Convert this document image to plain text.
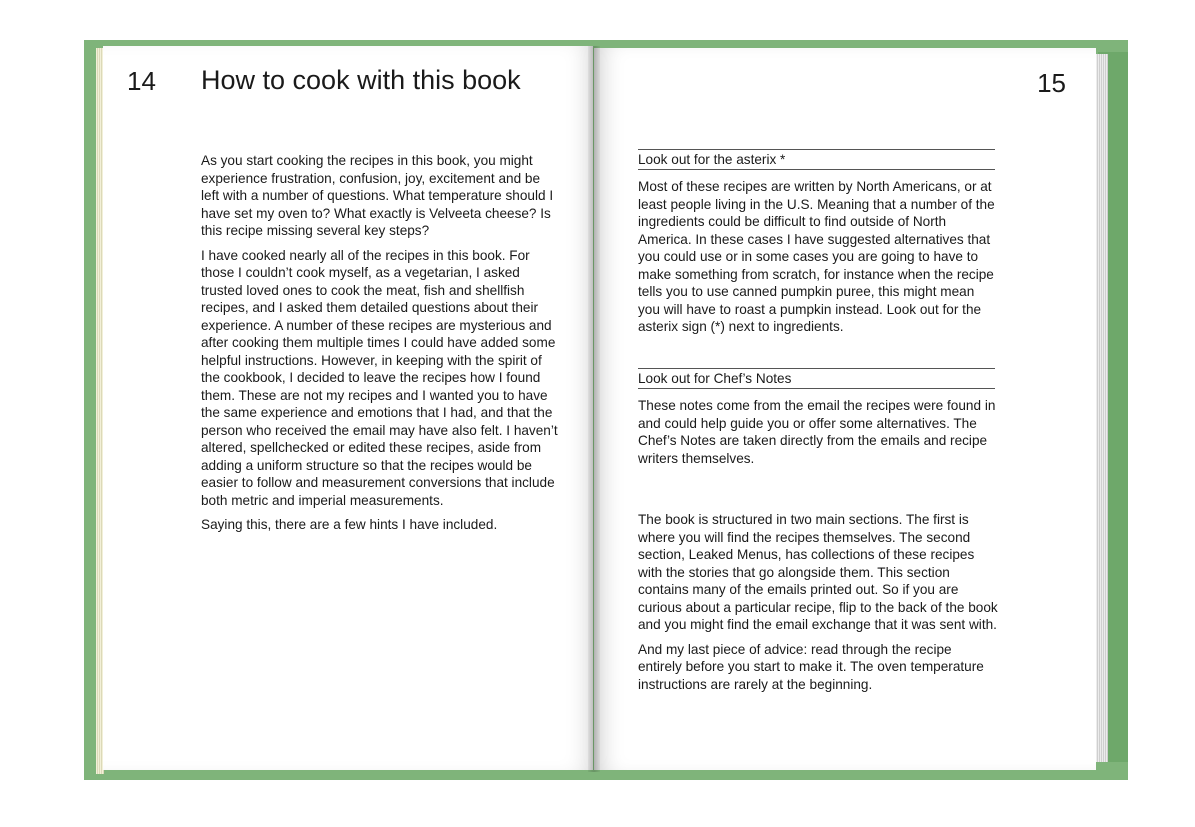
14 How to cook with this book

As you start cooking the recipes in this book, you might experience frustration, confusion, joy, excitement and be left with a number of questions. What temperature should I have set my oven to? What exactly is Velveeta cheese? Is this recipe missing several key steps?

I have cooked nearly all of the recipes in this book. For those I couldn’t cook myself, as a vegetarian, I asked trusted loved ones to cook the meat, fish and shellfish recipes, and I asked them detailed questions about their experience. A number of these recipes are mysterious and after cooking them multiple times I could have added some helpful instructions. However, in keeping with the spirit of the cookbook, I decided to leave the recipes how I found them. These are not my recipes and I wanted you to have the same experience and emotions that I had, and that the person who received the email may have also felt. I haven’t altered, spellchecked or edited these recipes, aside from adding a uniform structure so that the recipes would be easier to follow and measurement conversions that include both metric and imperial measurements.

Saying this, there are a few hints I have included.

15
Look out for the asterix *

Most of these recipes are written by North Americans, or at least people living in the U.S. Meaning that a number of the ingredients could be difficult to find outside of North America. In these cases I have suggested alternatives that you could use or in some cases you are going to have to make something from scratch, for instance when the recipe tells you to use canned pumpkin puree, this might mean you will have to roast a pumpkin instead. Look out for the asterix sign (*) next to ingredients.

Look out for Chef’s Notes

These notes come from the email the recipes were found in and could help guide you or offer some alternatives. The Chef’s Notes are taken directly from the emails and recipe writers themselves.

The book is structured in two main sections. The first is where you will find the recipes themselves. The second section, Leaked Menus, has collections of these recipes with the stories that go alongside them. This section contains many of the emails printed out. So if you are curious about a particular recipe, flip to the back of the book and you might find the email exchange that it was sent with.

And my last piece of advice: read through the recipe entirely before you start to make it. The oven temperature instructions are rarely at the beginning.
